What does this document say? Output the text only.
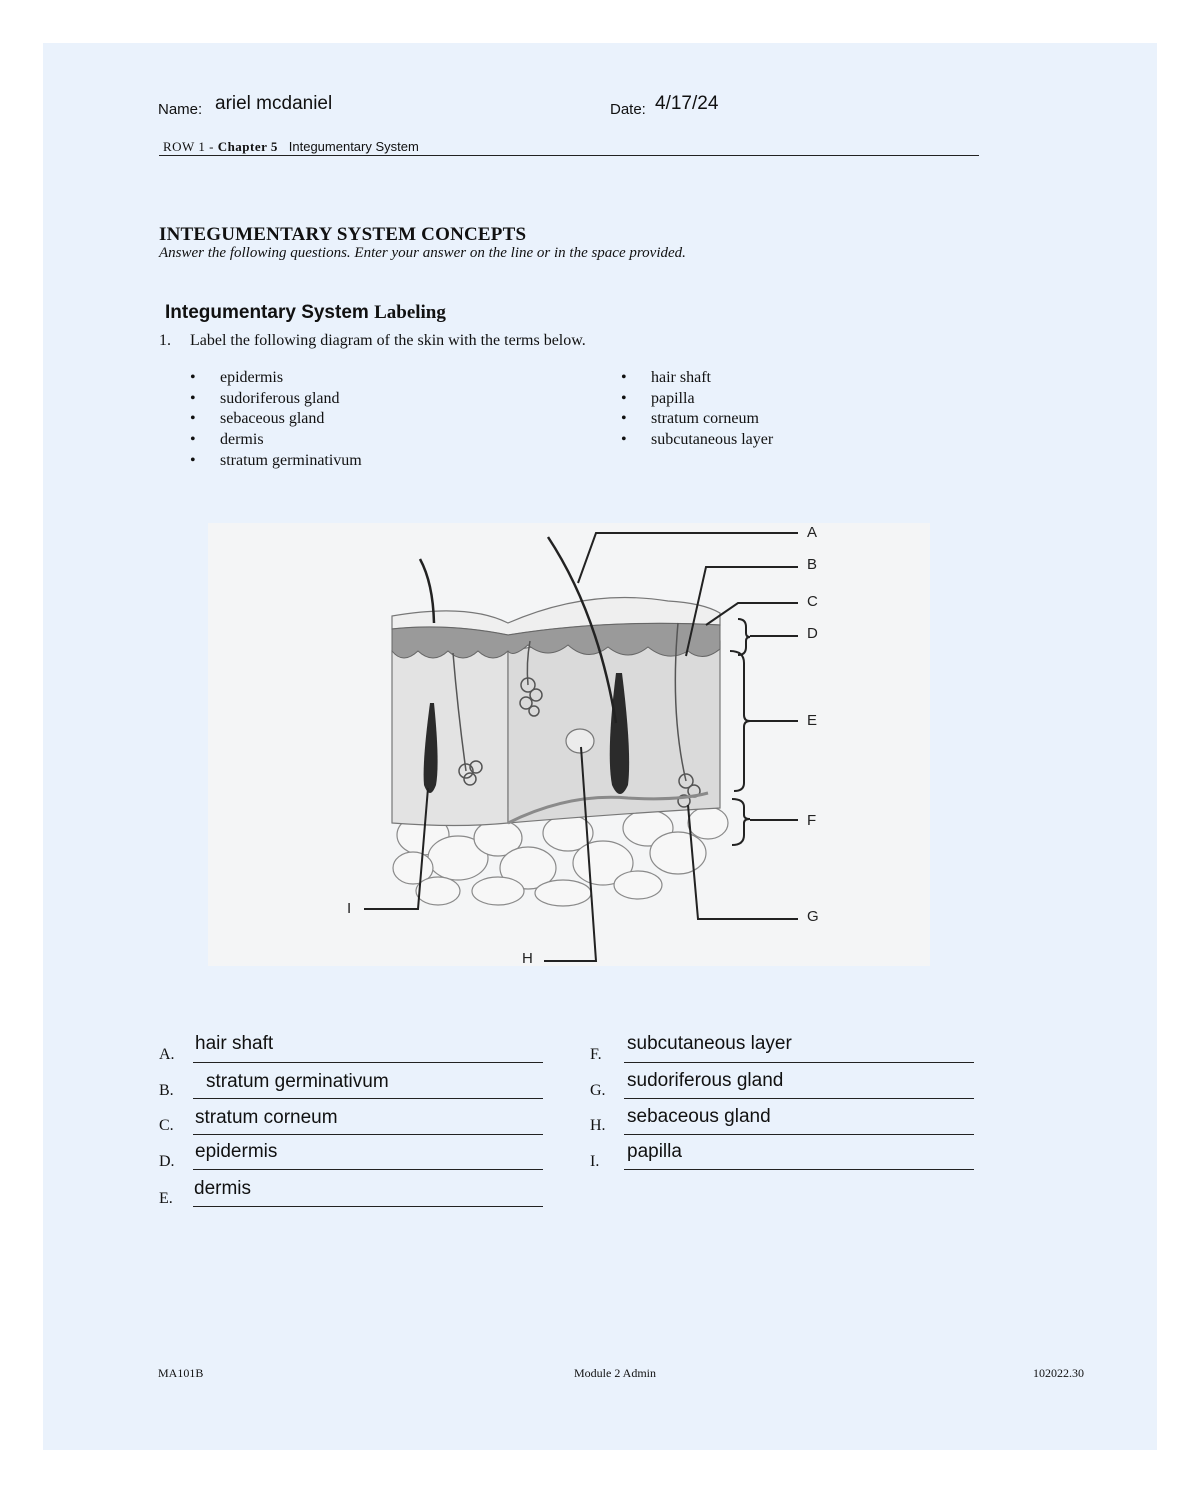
Name: ariel mcdaniel	Date: 4/17/24
ROW 1 - Chapter 5 Integumentary System
INTEGUMENTARY SYSTEM CONCEPTS
Answer the following questions. Enter your answer on the line or in the space provided.
Integumentary System Labeling
1. Label the following diagram of the skin with the terms below.
• epidermis
• sudoriferous gland
• sebaceous gland
• dermis
• stratum germinativum
• hair shaft
• papilla
• stratum corneum
• subcutaneous layer
A
B
C
D
E
F
G
H
I
A.
hair shaft
B. stratum germinativum
C. stratum corneum
D. epidermis
E. dermis
F.
subcutaneous layer
G. sudoriferous gland
H. sebaceous gland
I. papilla
MA101B	Module 2 Admin	102022.30
